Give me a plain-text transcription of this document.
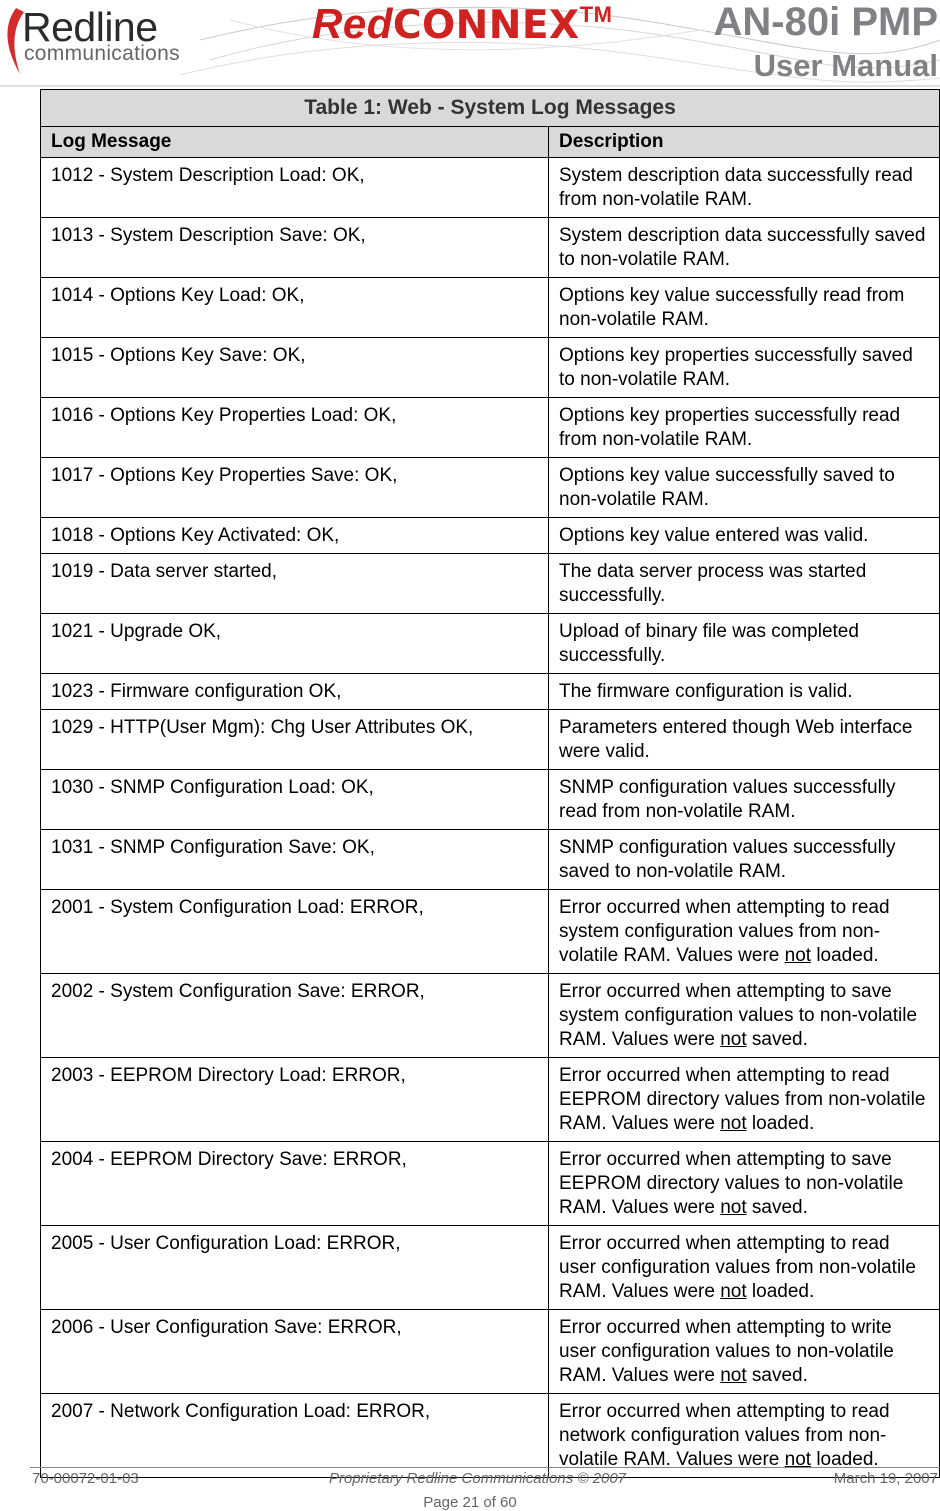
Redline
communications
RedCONNEX™	AN-80i PMP
User Manual
Table 1: Web - System Log Messages	
Log Message	Description
1012 - System Description Load: OK,	System description data successfully read from non-volatile RAM.
1013 - System Description Save: OK,	System description data successfully saved to non-volatile RAM.
1014 - Options Key Load: OK,	Options key value successfully read from non-volatile RAM.
1015 - Options Key Save: OK,	Options key properties successfully saved to non-volatile RAM.
1016 - Options Key Properties Load: OK,	Options key properties successfully read from non-volatile RAM.
1017 - Options Key Properties Save: OK,	Options key value successfully saved to non-volatile RAM.
1018 - Options Key Activated: OK,	Options key value entered was valid.
1019 - Data server started,	The data server process was started successfully.
1021 - Upgrade OK,	Upload of binary file was completed successfully.
1023 - Firmware configuration OK,	The firmware configuration is valid.
1029 - HTTP(User Mgm): Chg User Attributes OK,	Parameters entered though Web interface were valid.
1030 - SNMP Configuration Load: OK,	SNMP configuration values successfully read from non-volatile RAM.
1031 - SNMP Configuration Save: OK,	SNMP configuration values successfully saved to non-volatile RAM.
2001 - System Configuration Load: ERROR,	Error occurred when attempting to read system configuration values from non-volatile RAM. Values were not loaded.
2002 - System Configuration Save: ERROR,	Error occurred when attempting to save system configuration values to non-volatile RAM. Values were not saved.
2003 - EEPROM Directory Load: ERROR,	Error occurred when attempting to read EEPROM directory values from non-volatile RAM. Values were not loaded.
2004 - EEPROM Directory Save: ERROR,	Error occurred when attempting to save EEPROM directory values to non-volatile RAM. Values were not saved.
2005 - User Configuration Load: ERROR,	Error occurred when attempting to read user configuration values from non-volatile RAM. Values were not loaded.
2006 - User Configuration Save: ERROR,	Error occurred when attempting to write user configuration values to non-volatile RAM. Values were not saved.
2007 - Network Configuration Load: ERROR,	Error occurred when attempting to read network configuration values from non-volatile RAM. Values were not loaded.
70-00072-01-03	Proprietary Redline Communications © 2007	March 19, 2007
Page 21 of 60
